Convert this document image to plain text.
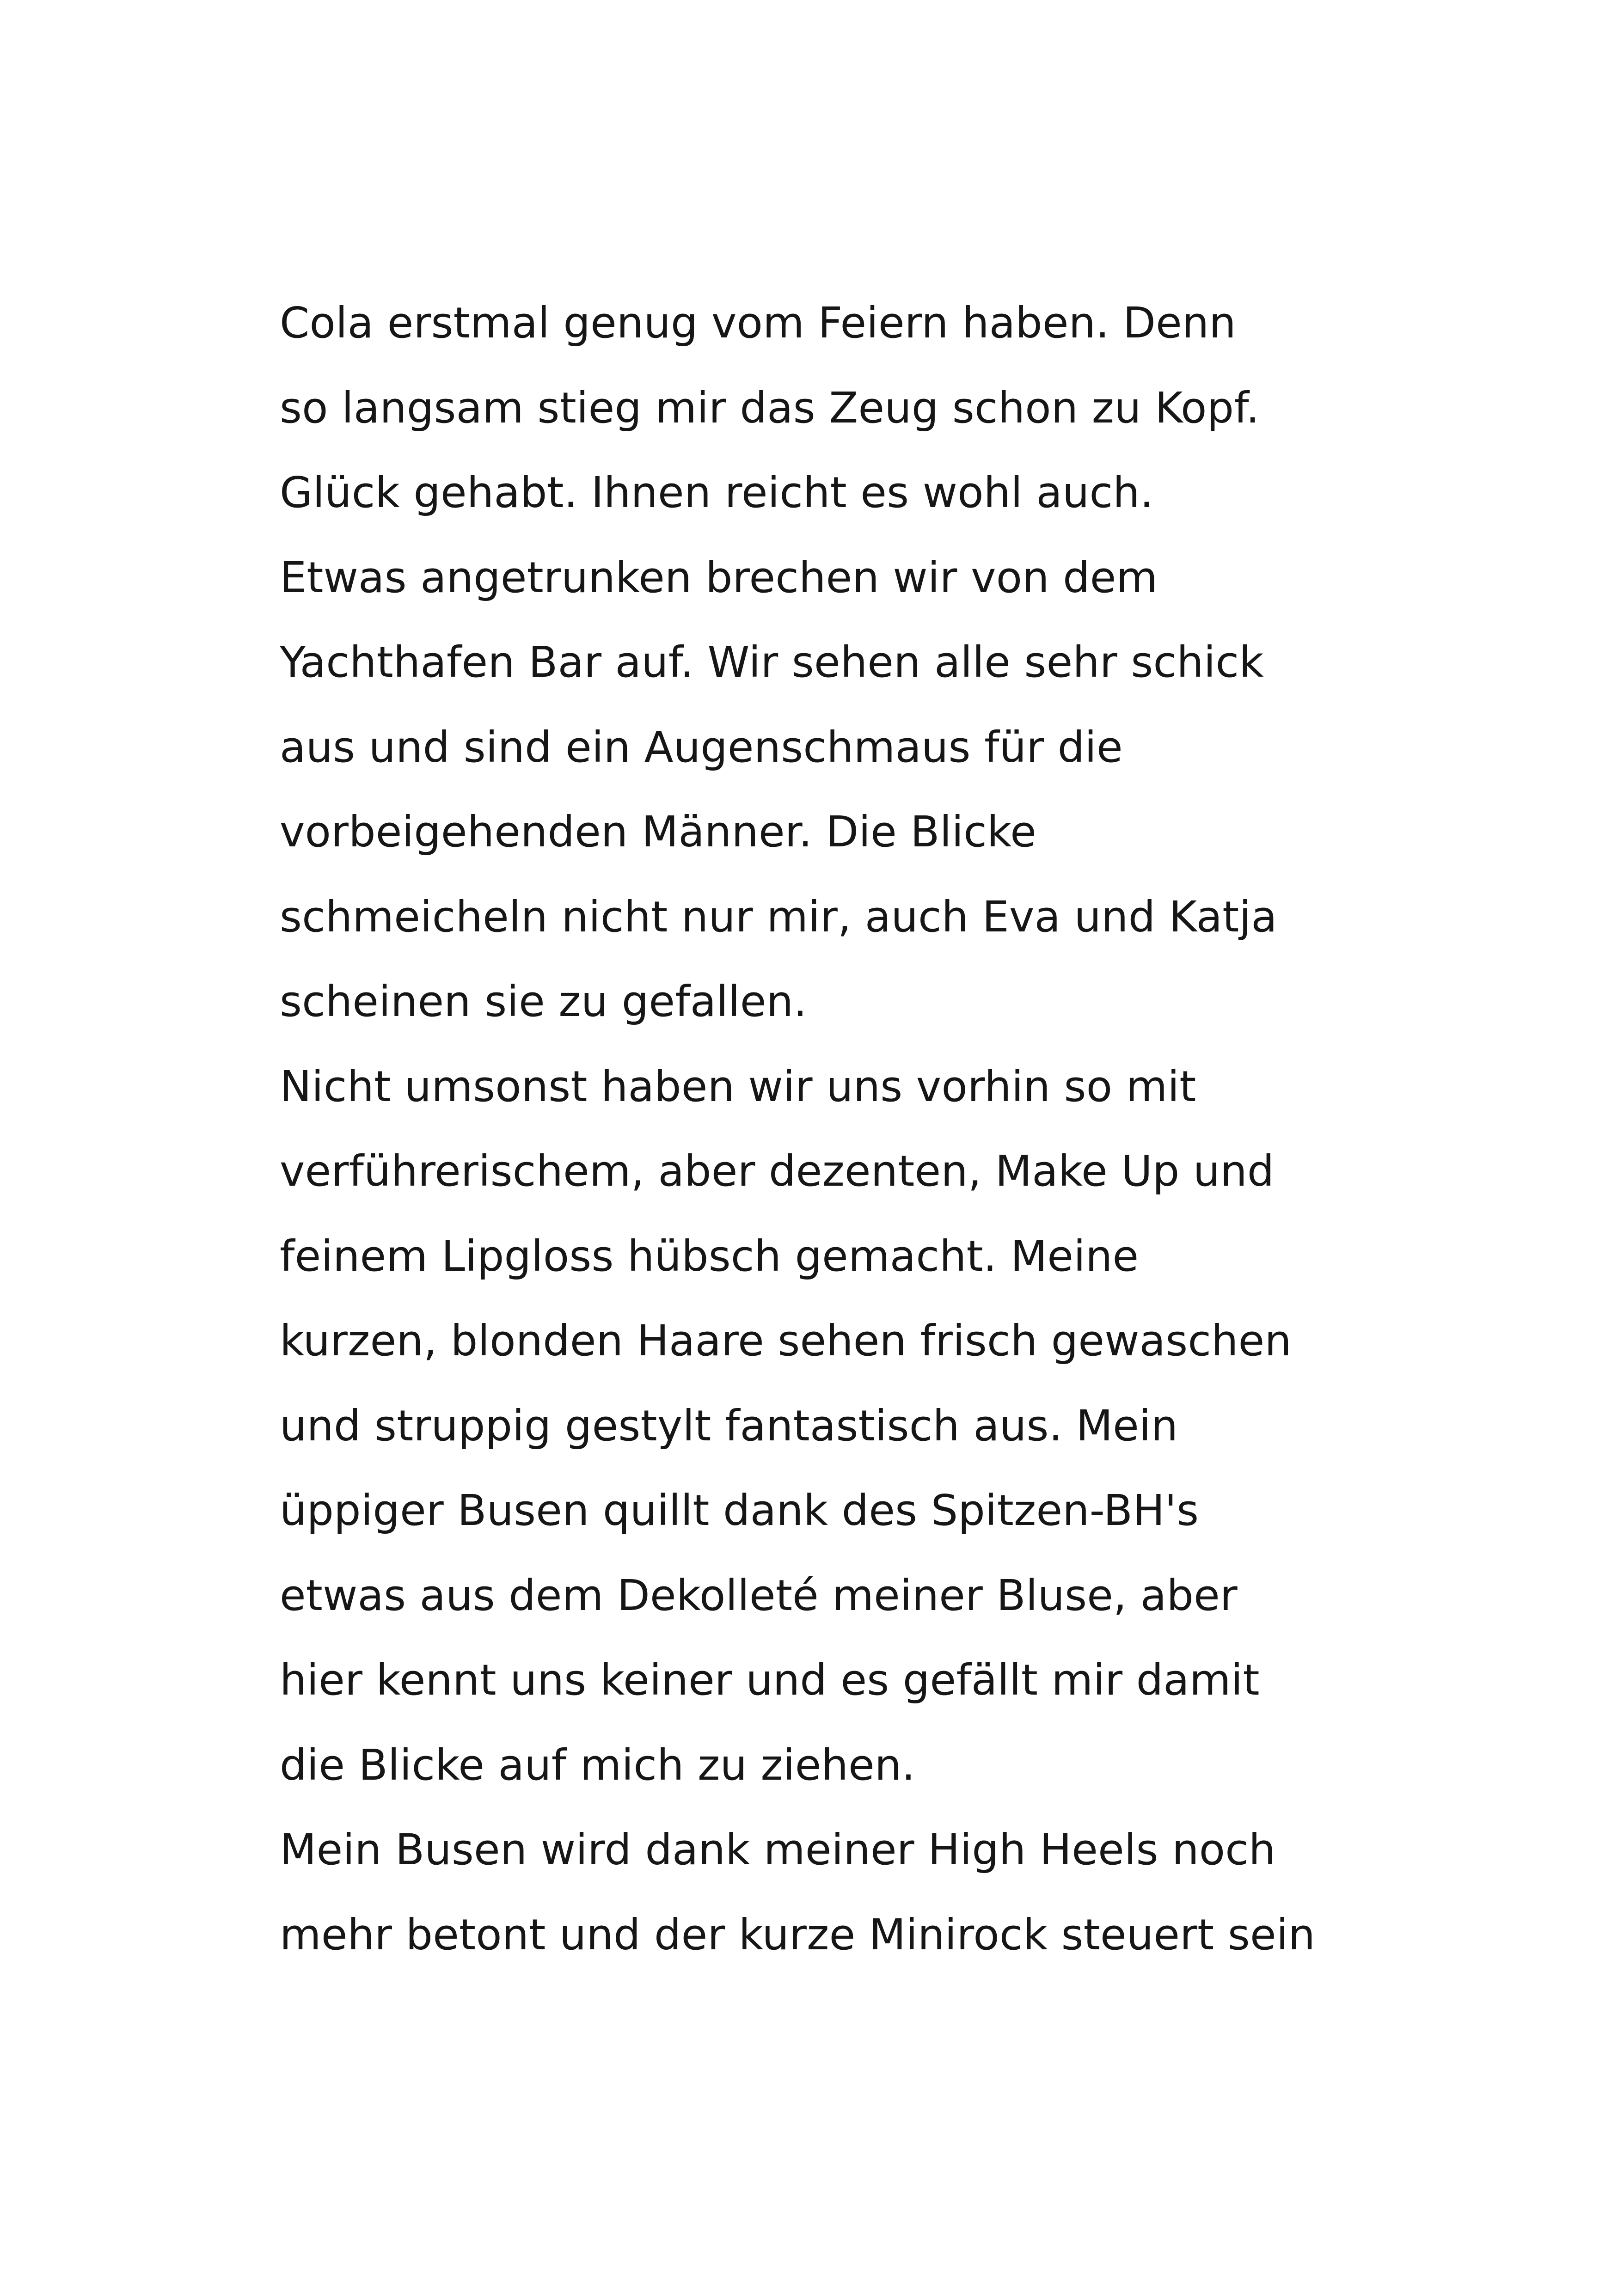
Cola erstmal genug vom Feiern haben. Denn
so langsam stieg mir das Zeug schon zu Kopf.
Glück gehabt. Ihnen reicht es wohl auch.
Etwas angetrunken brechen wir von dem
Yachthafen Bar auf. Wir sehen alle sehr schick
aus und sind ein Augenschmaus für die
vorbeigehenden Männer. Die Blicke
schmeicheln nicht nur mir, auch Eva und Katja
scheinen sie zu gefallen.
Nicht umsonst haben wir uns vorhin so mit
verführerischem, aber dezenten, Make Up und
feinem Lipgloss hübsch gemacht. Meine
kurzen, blonden Haare sehen frisch gewaschen
und struppig gestylt fantastisch aus. Mein
üppiger Busen quillt dank des Spitzen-BH's
etwas aus dem Dekolleté meiner Bluse, aber
hier kennt uns keiner und es gefällt mir damit
die Blicke auf mich zu ziehen.
Mein Busen wird dank meiner High Heels noch
mehr betont und der kurze Minirock steuert sein
